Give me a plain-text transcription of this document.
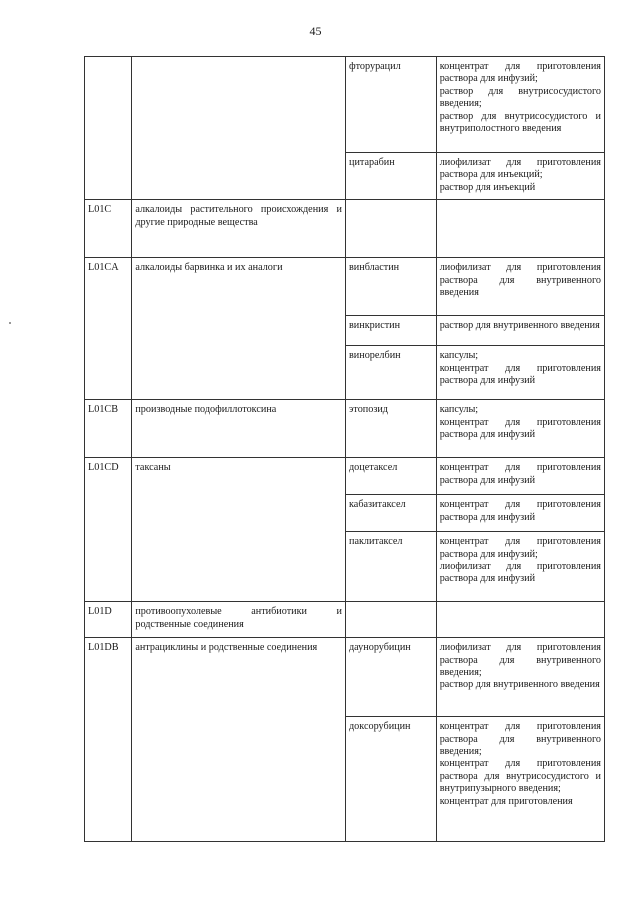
45
		фторурацил	концентрат для приготовления раствора для инфузий;
раствор для внутрисосудистого введения;
раствор для внутрисосудистого и внутриполостного введения

		цитарабин	лиофилизат для приготовления раствора для инъекций;
раствор для инъекций

L01C	алкалоиды растительного происхождения и другие природные вещества		
L01CA	алкалоиды барвинка и их аналоги	винбластин	лиофилизат для приготовления раствора для внутривенного введения

		винкристин	раствор для внутривенного введения

		винорелбин	капсулы;
концентрат для приготовления раствора для инфузий

L01CB	производные подофиллотоксина	этопозид	капсулы;
концентрат для приготовления раствора для инфузий

L01CD	таксаны	доцетаксел	концентрат для приготовления раствора для инфузий

		кабазитаксел	концентрат для приготовления раствора для инфузий

		паклитаксел	концентрат для приготовления раствора для инфузий;
лиофилизат для приготовления раствора для инфузий

L01D	противоопухолевые антибиотики и родственные соединения		
L01DB	антрациклины и родственные соединения	даунорубицин	лиофилизат для приготовления раствора для внутривенного введения;
раствор для внутривенного введения

		доксорубицин	концентрат для приготовления раствора для внутривенного введения;
концентрат для приготовления раствора для внутрисосудистого и внутрипузырного введения;
концентрат для приготовления
